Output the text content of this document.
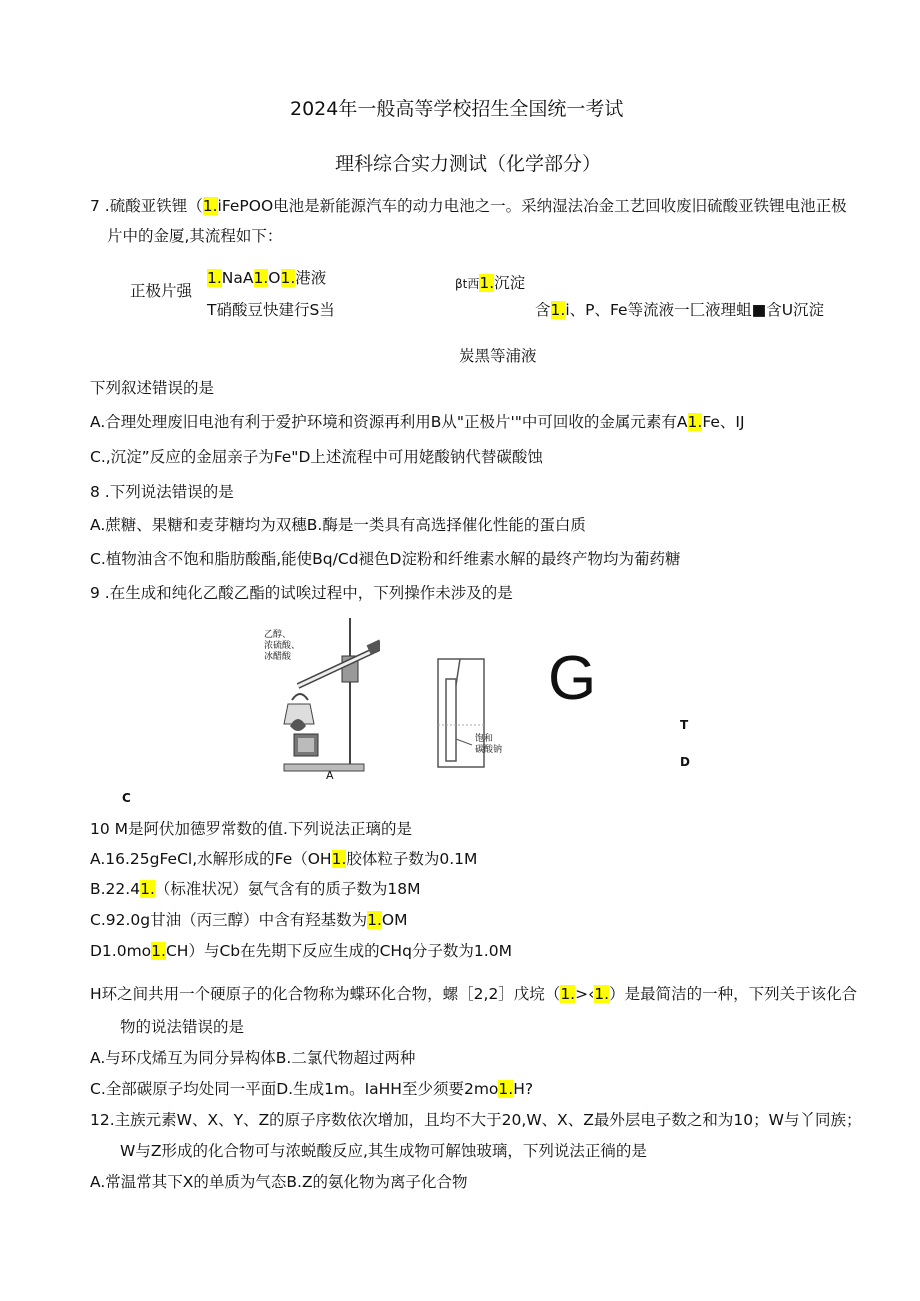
2024年一般高等学校招生全国统一考试
理科综合实力测试（化学部分）
7 .硫酸亚铁锂（1.iFePOO电池是新能源汽车的动力电池之一。采纳湿法冶金工艺回收废旧硫酸亚铁锂电池正极
片中的金厦,其流程如下：
正极片强
1.NaA1.O1.港液
T硝酸豆快建行S当
βt西1.沉淀
含1.i、P、Fe等流液一匚液理蛆■含U沉淀
炭黑等浦液
下列叙述错误的是
A.合理处理废旧电池有利于爱护环境和资源再利用B从"正极片'"中可回收的金属元素有A1.Fe、IJ
C.,沉淀”反应的金屈亲子为Fe"D上述流程中可用姥酸钠代替碳酸蚀
8 .下列说法错误的是
A.蔗糖、果糖和麦芽糖均为双穗B.酶是一类具有高选择催化性能的蛋白质
C.植物油含不饱和脂肪酸酯,能使Bq/Cd褪色D淀粉和纤维素水解的最终产物均为葡药糖
9 .在生成和纯化乙酸乙酯的试唉过程中，下列操作未涉及的是
乙醇、
浓硫酸、
冰醋酸
A
饱和
碳酸钠
G
T
D
C
10 M是阿伏加德罗常数的值.下列说法正璃的是
A.16.25gFeCl,水解形成的Fe（OH1.胶体粒子数为0.1M
B.22.41.（标准状况）氨气含有的质子数为18M
C.92.0g甘油（丙三醇）中含有羟基数为1.OM
D1.0mo1.CH）与Cb在先期下反应生成的CHq分子数为1.0M
H环之间共用一个硬原子的化合物称为蝶环化合物，螺［2,2］戊垸（1.>‹1.）是最简洁的一种，下列关于该化合
物的说法错误的是
A.与环戊烯互为同分异构体B.二氯代物超过两种
C.全部碳原子均处同一平面D.生成1m。IaHH至少须要2mo1.H?
12.主族元素W、X、Y、Z的原子序数依次增加，且均不大于20,W、X、Z最外层电子数之和为10；W与丫同族；
W与Z形成的化合物可与浓蜕酸反应,其生成物可解蚀玻璃，下列说法正徜的是
A.常温常其下X的单质为气态B.Z的氨化物为离子化合物
